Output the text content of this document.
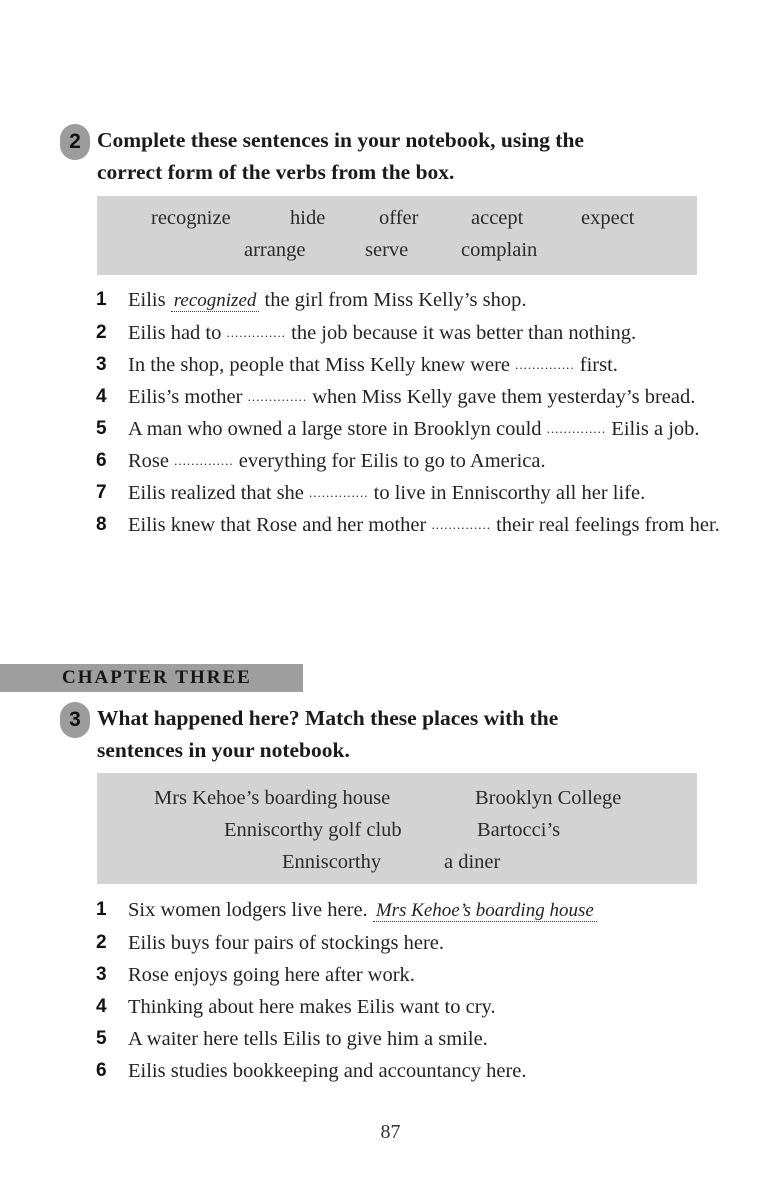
2 Complete these sentences in your notebook, using the
correct form of the verbs from the box.
recognize	hide	offer	accept	expect
arrange	serve	complain
1 Eilis recognized the girl from Miss Kelly’s shop.
2 Eilis had to .............. the job because it was better than nothing.
3 In the shop, people that Miss Kelly knew were .............. first.
4 Eilis’s mother .............. when Miss Kelly gave them yesterday’s bread.
5 A man who owned a large store in Brooklyn could .............. Eilis a job.
6 Rose .............. everything for Eilis to go to America.
7 Eilis realized that she .............. to live in Enniscorthy all her life.
8 Eilis knew that Rose and her mother .............. their real feelings from her.
CHAPTER THREE
3 What happened here? Match these places with the
sentences in your notebook.
Mrs Kehoe’s boarding house	Brooklyn College
Enniscorthy golf club	Bartocci’s
Enniscorthy	a diner
1 Six women lodgers live here. Mrs Kehoe’s boarding house
2 Eilis buys four pairs of stockings here.
3 Rose enjoys going here after work.
4 Thinking about here makes Eilis want to cry.
5 A waiter here tells Eilis to give him a smile.
6 Eilis studies bookkeeping and accountancy here.
87
